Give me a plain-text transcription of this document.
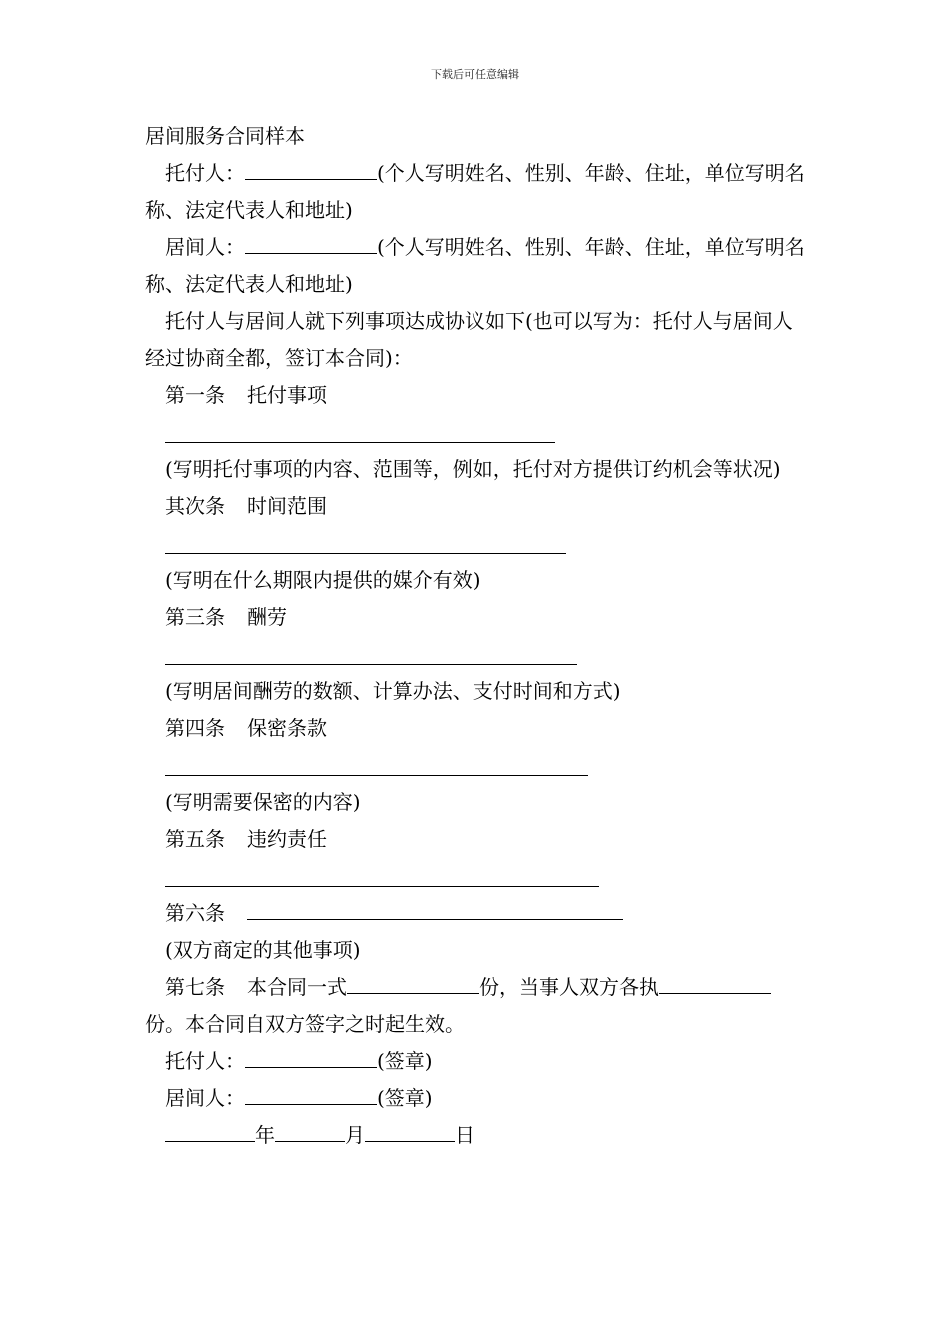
下载后可任意编辑

居间服务合同样本

托付人：	(个人写明姓名、性别、年龄、住址，单位写明名称、法定代表人和地址)

居间人：	(个人写明姓名、性别、年龄、住址，单位写明名称、法定代表人和地址)

托付人与居间人就下列事项达成协议如下(也可以写为：托付人与居间人经过协商全都，签订本合同)：

第一条 托付事项

(写明托付事项的内容、范围等，例如，托付对方提供订约机会等状况)

其次条 时间范围

(写明在什么期限内提供的媒介有效)

第三条 酬劳

(写明居间酬劳的数额、计算办法、支付时间和方式)

第四条 保密条款

(写明需要保密的内容)

第五条 违约责任

第六条

(双方商定的其他事项)

第七条 本合同一式	份，当事人双方各执份。本合同自双方签字之时起生效。

托付人：	(签章)

居间人：	(签章)

年	月	日
